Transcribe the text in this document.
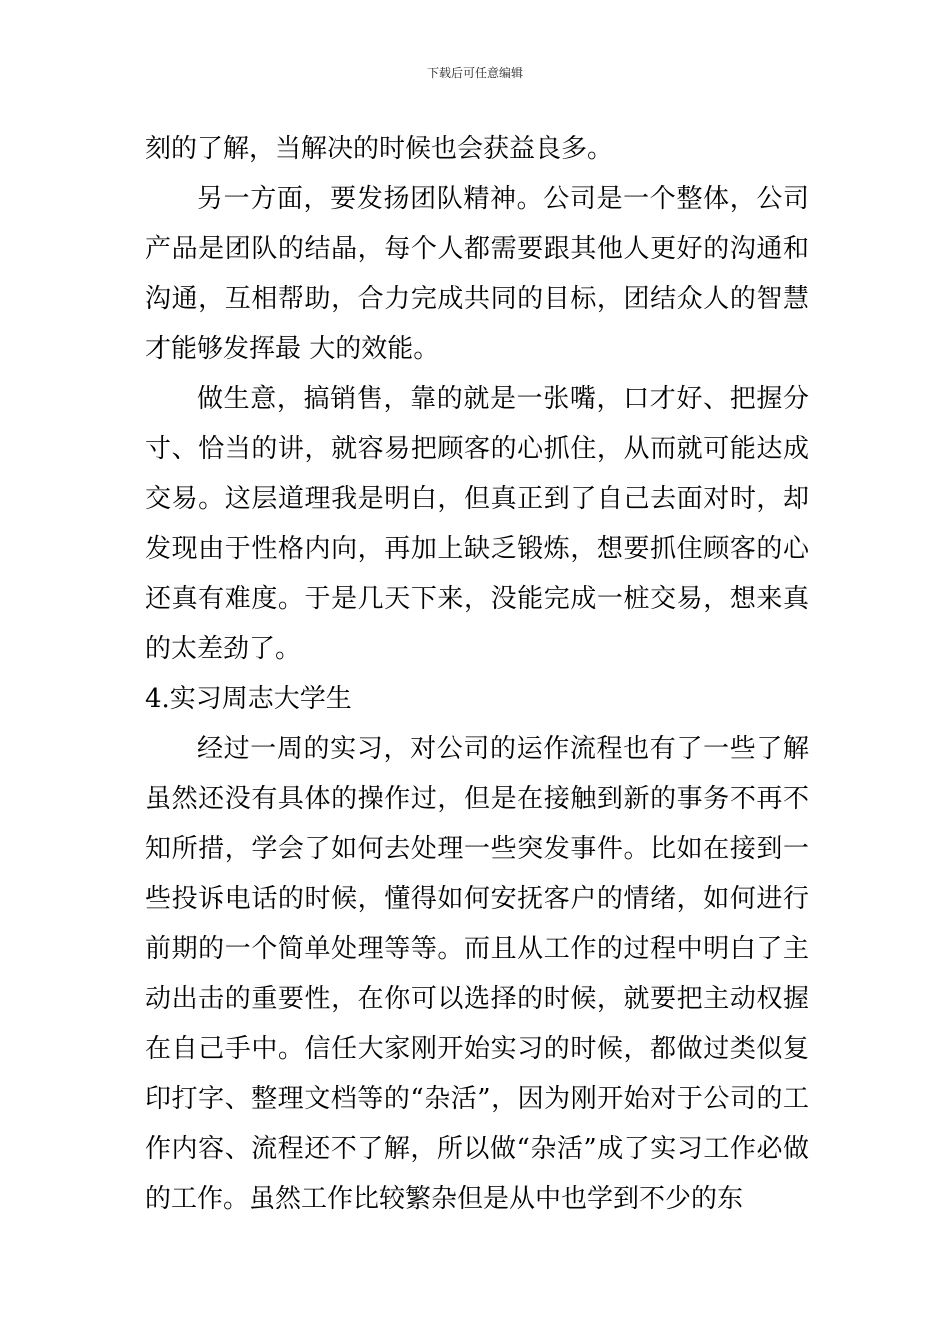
下载后可任意编辑

刻的了解，当解决的时候也会获益良多。

另一方面，要发扬团队精神。公司是一个整体，公司产品是团队的结晶，每个人都需要跟其他人更好的沟通和沟通，互相帮助，合力完成共同的目标，团结众人的智慧才能够发挥最 大的效能。

做生意，搞销售，靠的就是一张嘴，口才好、把握分寸、恰当的讲，就容易把顾客的心抓住，从而就可能达成交易。这层道理我是明白，但真正到了自己去面对时，却发现由于性格内向，再加上缺乏锻炼，想要抓住顾客的心还真有难度。于是几天下来，没能完成一桩交易，想来真的太差劲了。

4.实习周志大学生

经过一周的实习，对公司的运作流程也有了一些了解虽然还没有具体的操作过，但是在接触到新的事务不再不知所措，学会了如何去处理一些突发事件。比如在接到一些投诉电话的时候，懂得如何安抚客户的情绪，如何进行前期的一个简单处理等等。而且从工作的过程中明白了主动出击的重要性，在你可以选择的时候，就要把主动权握在自己手中。信任大家刚开始实习的时候，都做过类似复印打字、整理文档等的“杂活”，因为刚开始对于公司的工作内容、流程还不了解，所以做“杂活”成了实习工作必做的工作。虽然工作比较繁杂但是从中也学到不少的东
